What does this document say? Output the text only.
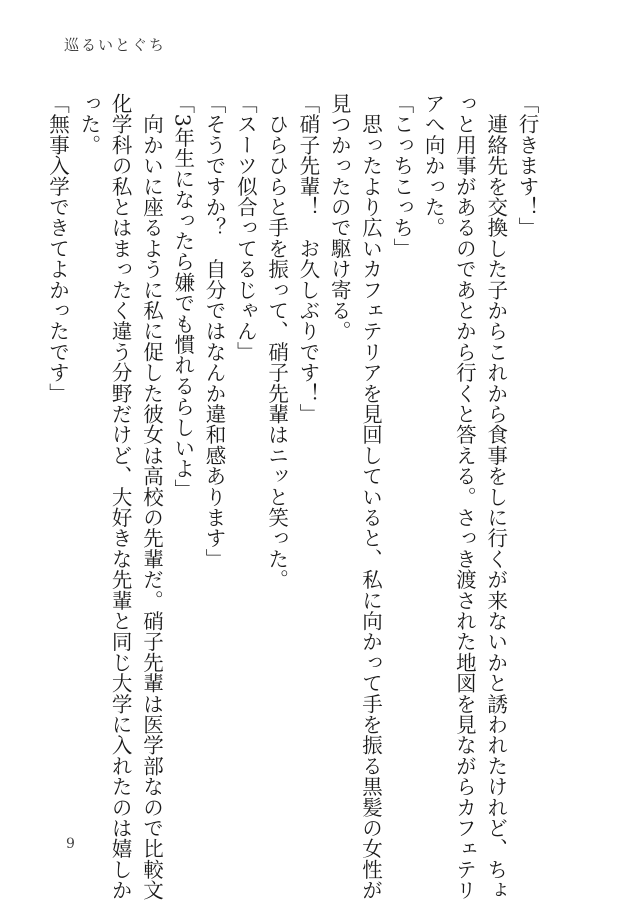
巡るいとぐち
「行きます！」
　連絡先を交換した子からこれから食事をしに行くが来ないかと誘われたけれど、ちょ
っと用事があるのであとから行くと答える。さっき渡された地図を見ながらカフェテリ
アへ向かった。
「こっちこっち」
　思ったより広いカフェテリアを見回していると、私に向かって手を振る黒髪の女性が
見つかったので駆け寄る。
「硝子先輩！　お久しぶりです！」
　ひらひらと手を振って、硝子先輩はニッと笑った。
「スーツ似合ってるじゃん」
「そうですか？　自分ではなんか違和感あります」
「3年生になったら嫌でも慣れるらしいよ」
　向かいに座るように私に促した彼女は高校の先輩だ。硝子先輩は医学部なので比較文
化学科の私とはまったく違う分野だけど、大好きな先輩と同じ大学に入れたのは嬉しか
った。
「無事入学できてよかったです」
9
